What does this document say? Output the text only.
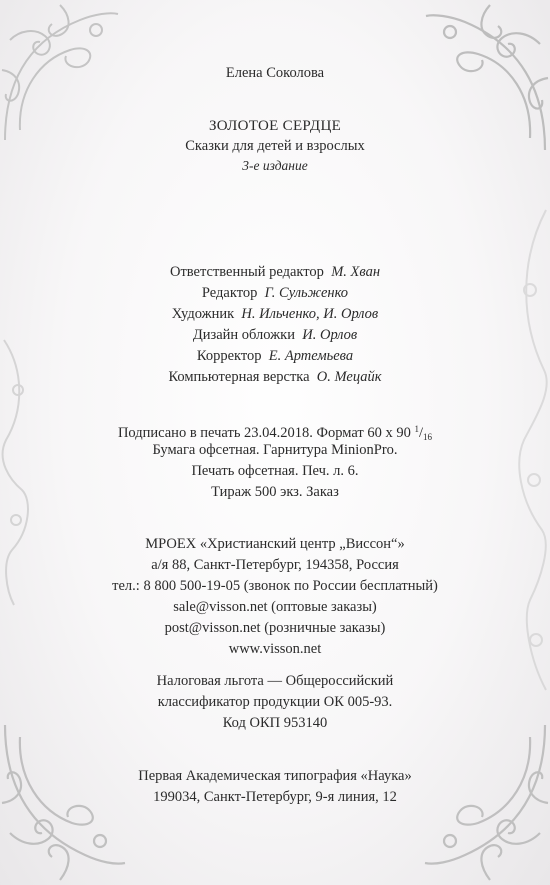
Елена Соколова
ЗОЛОТОЕ СЕРДЦЕ
Сказки для детей и взрослых
3-е издание
Ответственный редактор М. Хван
Редактор Г. Сульженко
Художник Н. Ильченко, И. Орлов
Дизайн обложки И. Орлов
Корректор Е. Артемьева
Компьютерная верстка О. Мецайк
Подписано в печать 23.04.2018. Формат 60 х 90 $^1/_{16}$
Бумага офсетная. Гарнитура MinionPro.
Печать офсетная. Печ. л. 6.
Тираж 500 экз. Заказ
МРОЕХ «Христианский центр „Виссон“»
а/я 88, Санкт-Петербург, 194358, Россия
тел.: 8 800 500-19-05 (звонок по России бесплатный)
sale@visson.net (оптовые заказы)
post@visson.net (розничные заказы)
www.visson.net
Налоговая льгота — Общероссийский
классификатор продукции ОК 005-93.
Код ОКП 953140
Первая Академическая типография «Наука»
199034, Санкт-Петербург, 9-я линия, 12
